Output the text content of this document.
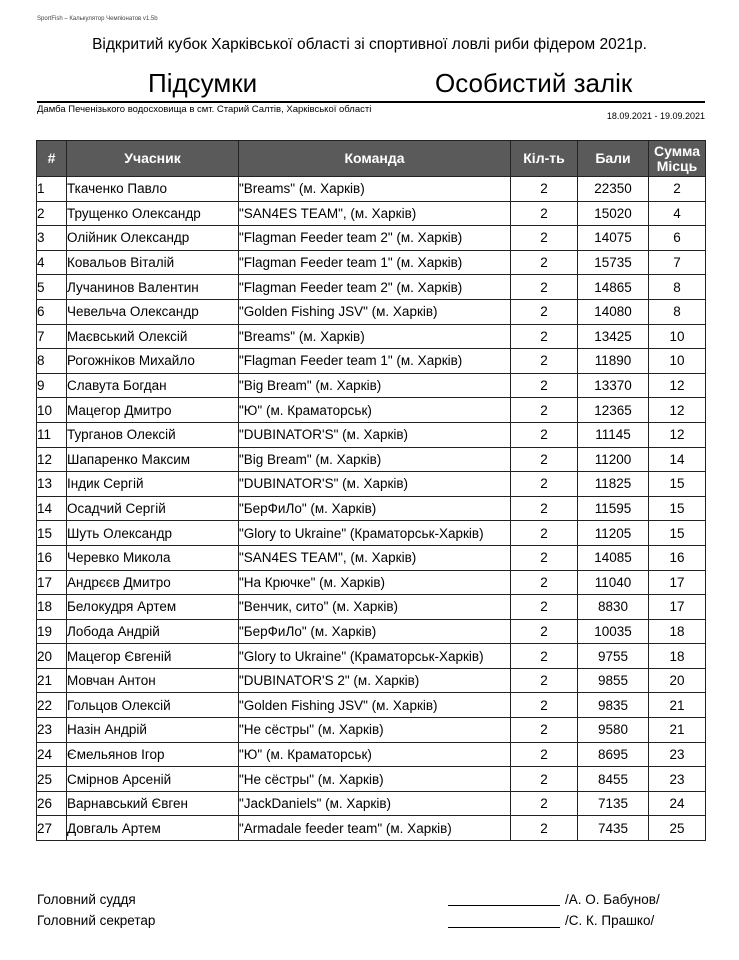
SportFish – Калькулятор Чемпіонатов v1.5b
Відкритий кубок Харківської області зі спортивної ловлі риби фідером 2021р.
Підсумки	Особистий залік
Дамба Печенізького водосховища в смт. Старий Салтів, Харківської області
18.09.2021 - 19.09.2021
#	Учасник	Команда	Кіл-ть	Бали	Сумма
Місць
1	Ткаченко Павло	"Breams" (м. Харків)	2	22350	2
2	Трущенко Олександр	"SAN4ES TEAM", (м. Харків)	2	15020	4
3	Олійник Олександр	"Flagman Feeder team 2" (м. Харків)	2	14075	6
4	Ковальов Віталій	"Flagman Feeder team 1" (м. Харків)	2	15735	7
5	Лучанинов Валентин	"Flagman Feeder team 2" (м. Харків)	2	14865	8
6	Чевельча Олександр	"Golden Fishing JSV" (м. Харків)	2	14080	8
7	Маєвський Олексій	"Breams" (м. Харків)	2	13425	10
8	Рогожніков Михайло	"Flagman Feeder team 1" (м. Харків)	2	11890	10
9	Славута Богдан	"Big Bream" (м. Харків)	2	13370	12
10	Мацегор Дмитро	"Ю" (м. Краматорськ)	2	12365	12
11	Турганов Олексій	"DUBINATOR'S" (м. Харків)	2	11145	12
12	Шапаренко Максим	"Big Bream" (м. Харків)	2	11200	14
13	Індик Сергій	"DUBINATOR'S" (м. Харків)	2	11825	15
14	Осадчий Сергій	"БерФиЛо" (м. Харків)	2	11595	15
15	Шуть Олександр	"Glory to Ukraine" (Краматорськ-Харків)	2	11205	15
16	Черевко Микола	"SAN4ES TEAM", (м. Харків)	2	14085	16
17	Андрєєв Дмитро	"На Крючке" (м. Харків)	2	11040	17
18	Белокудря Артем	"Венчик, сито" (м. Харків)	2	8830	17
19	Лобода Андрій	"БерФиЛо" (м. Харків)	2	10035	18
20	Мацегор Євгеній	"Glory to Ukraine" (Краматорськ-Харків)	2	9755	18
21	Мовчан Антон	"DUBINATOR'S 2" (м. Харків)	2	9855	20
22	Гольцов Олексій	"Golden Fishing JSV" (м. Харків)	2	9835	21
23	Назін Андрій	"Не сёстры" (м. Харків)	2	9580	21
24	Ємельянов Ігор	"Ю" (м. Краматорськ)	2	8695	23
25	Смірнов Арсеній	"Не сёстры" (м. Харків)	2	8455	23
26	Варнавський Євген	"JackDaniels" (м. Харків)	2	7135	24
27	Довгаль Артем	"Armadale feeder team" (м. Харків)	2	7435	25
Головний суддя	/А. О. Бабунов/
Головний секретар	/С. К. Прашко/
